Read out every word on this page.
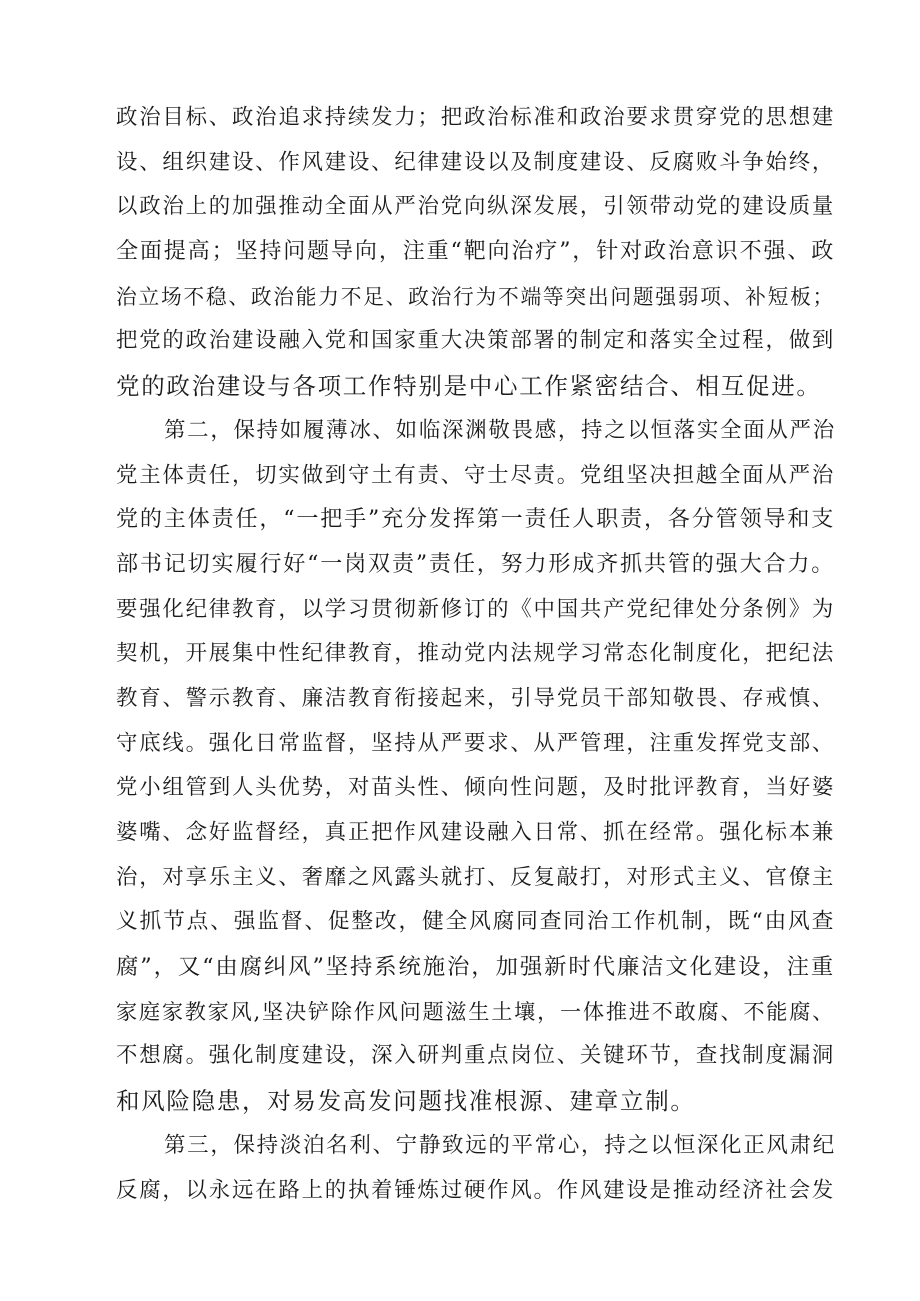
政治目标、政治追求持续发力；把政治标准和政治要求贯穿党的思想建
设、组织建设、作风建设、纪律建设以及制度建设、反腐败斗争始终，
以政治上的加强推动全面从严治党向纵深发展，引领带动党的建设质量
全面提高；坚持问题导向，注重“靶向治疗”，针对政治意识不强、政
治立场不稳、政治能力不足、政治行为不端等突出问题强弱项、补短板；
把党的政治建设融入党和国家重大决策部署的制定和落实全过程，做到
党的政治建设与各项工作特别是中心工作紧密结合、相互促进。
第二，保持如履薄冰、如临深渊敬畏感，持之以恒落实全面从严治
党主体责任，切实做到守土有责、守士尽责。党组坚决担越全面从严治
党的主体责任，“一把手”充分发挥第一责任人职责，各分管领导和支
部书记切实履行好“一岗双责”责任，努力形成齐抓共管的强大合力。
要强化纪律教育，以学习贯彻新修订的《中国共产党纪律处分条例》为
契机，开展集中性纪律教育，推动党内法规学习常态化制度化，把纪法
教育、警示教育、廉洁教育衔接起来，引导党员干部知敬畏、存戒慎、
守底线。强化日常监督，坚持从严要求、从严管理，注重发挥党支部、
党小组管到人头优势，对苗头性、倾向性问题，及时批评教育，当好婆
婆嘴、念好监督经，真正把作风建设融入日常、抓在经常。强化标本兼
治，对享乐主义、奢靡之风露头就打、反复敲打，对形式主义、官僚主
义抓节点、强监督、促整改，健全风腐同查同治工作机制，既“由风查
腐”，又“由腐纠风”坚持系统施治，加强新时代廉洁文化建设，注重
家庭家教家风,坚决铲除作风问题滋生土壤，一体推进不敢腐、不能腐、
不想腐。强化制度建设，深入研判重点岗位、关键环节，查找制度漏洞
和风险隐患，对易发高发问题找准根源、建章立制。
第三，保持淡泊名利、宁静致远的平常心，持之以恒深化正风肃纪
反腐，以永远在路上的执着锤炼过硬作风。作风建设是推动经济社会发
